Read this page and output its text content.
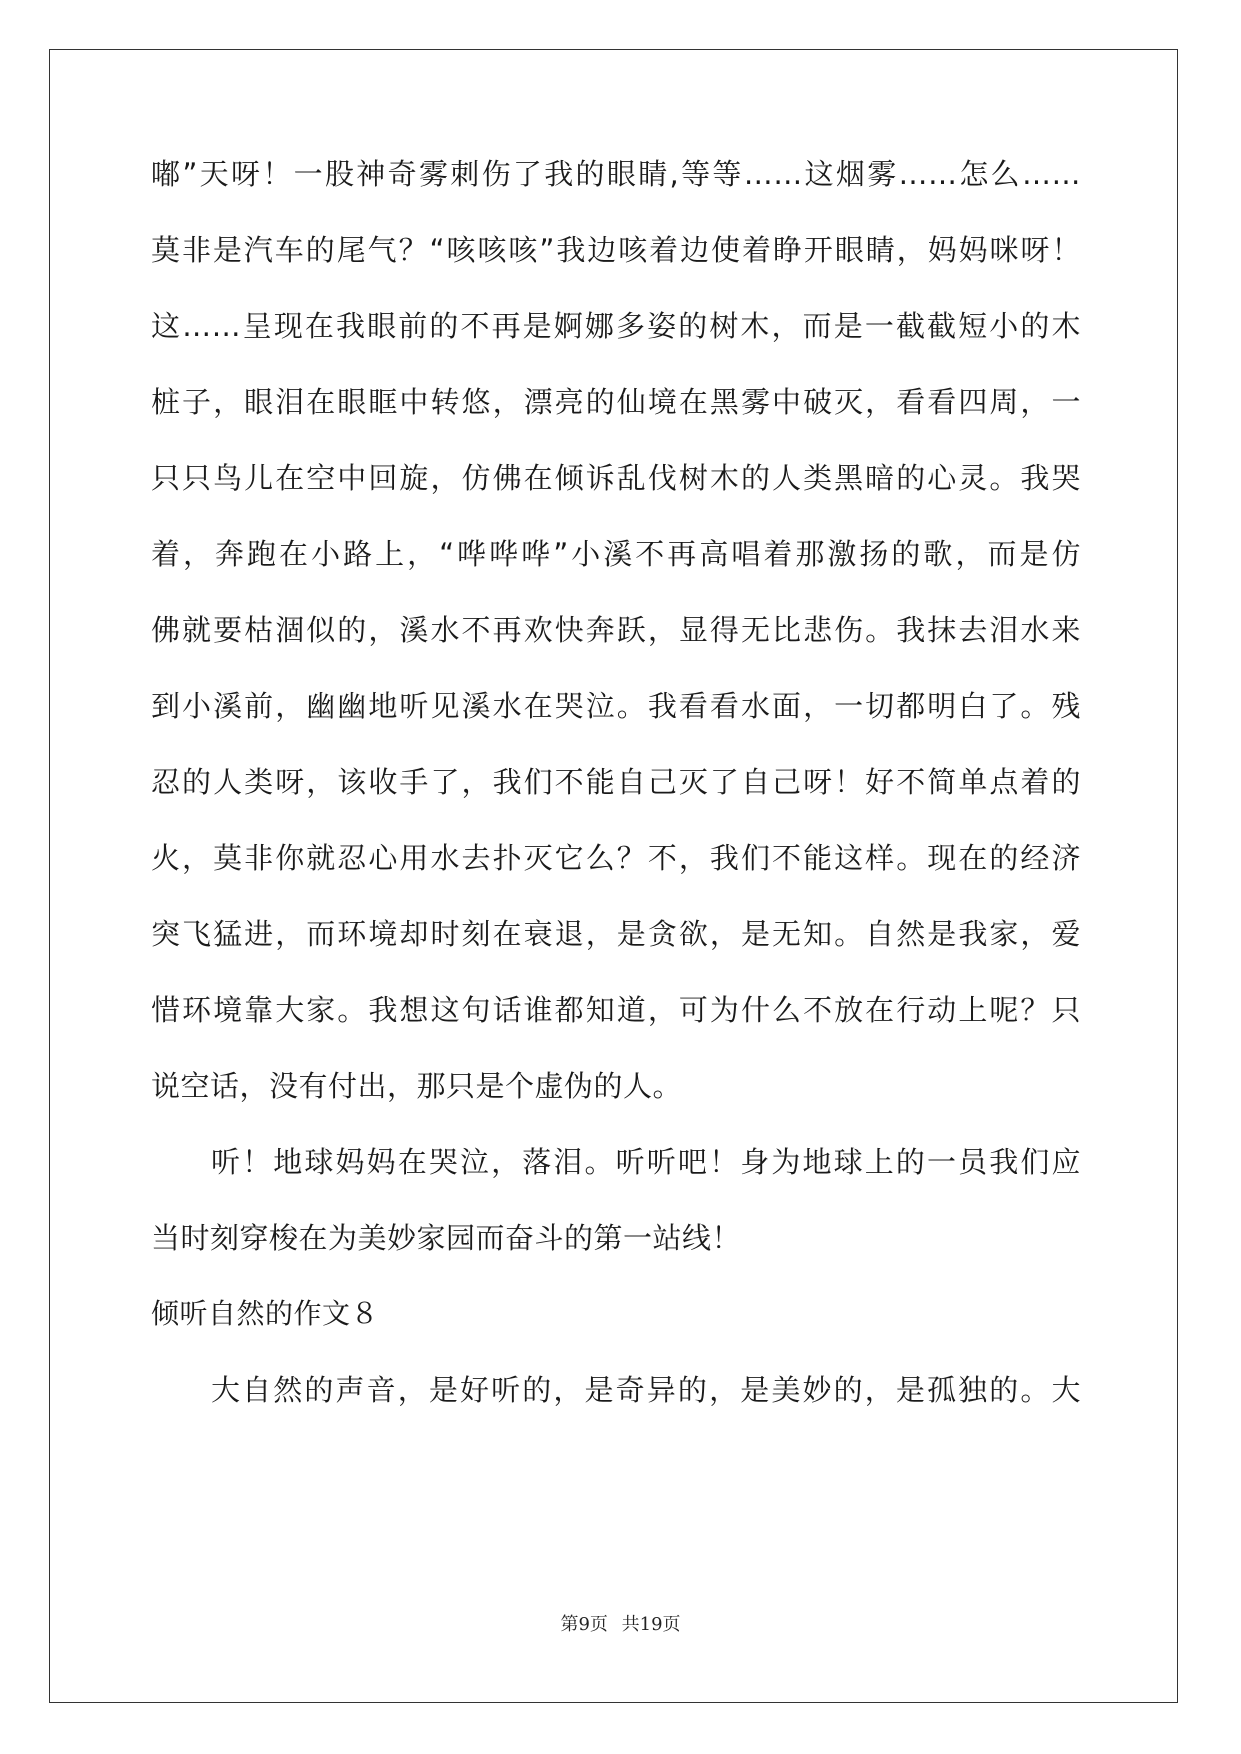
嘟”天呀！一股神奇雾刺伤了我的眼睛,等等……这烟雾……怎么……
莫非是汽车的尾气？“咳咳咳”我边咳着边使着睁开眼睛，妈妈咪呀！
这……呈现在我眼前的不再是婀娜多姿的树木，而是一截截短小的木
桩子，眼泪在眼眶中转悠，漂亮的仙境在黑雾中破灭，看看四周，一
只只鸟儿在空中回旋，仿佛在倾诉乱伐树木的人类黑暗的心灵。我哭
着，奔跑在小路上，“哗哗哗”小溪不再高唱着那激扬的歌，而是仿
佛就要枯涸似的，溪水不再欢快奔跃，显得无比悲伤。我抹去泪水来
到小溪前，幽幽地听见溪水在哭泣。我看看水面，一切都明白了。残
忍的人类呀，该收手了，我们不能自己灭了自己呀！好不简单点着的
火，莫非你就忍心用水去扑灭它么？不，我们不能这样。现在的经济
突飞猛进，而环境却时刻在衰退，是贪欲，是无知。自然是我家，爱
惜环境靠大家。我想这句话谁都知道，可为什么不放在行动上呢？只
说空话，没有付出，那只是个虚伪的人。
听！地球妈妈在哭泣，落泪。听听吧！身为地球上的一员我们应
当时刻穿梭在为美妙家园而奋斗的第一站线！
倾听自然的作文８
大自然的声音，是好听的，是奇异的，是美妙的，是孤独的。大
第9页 共19页
